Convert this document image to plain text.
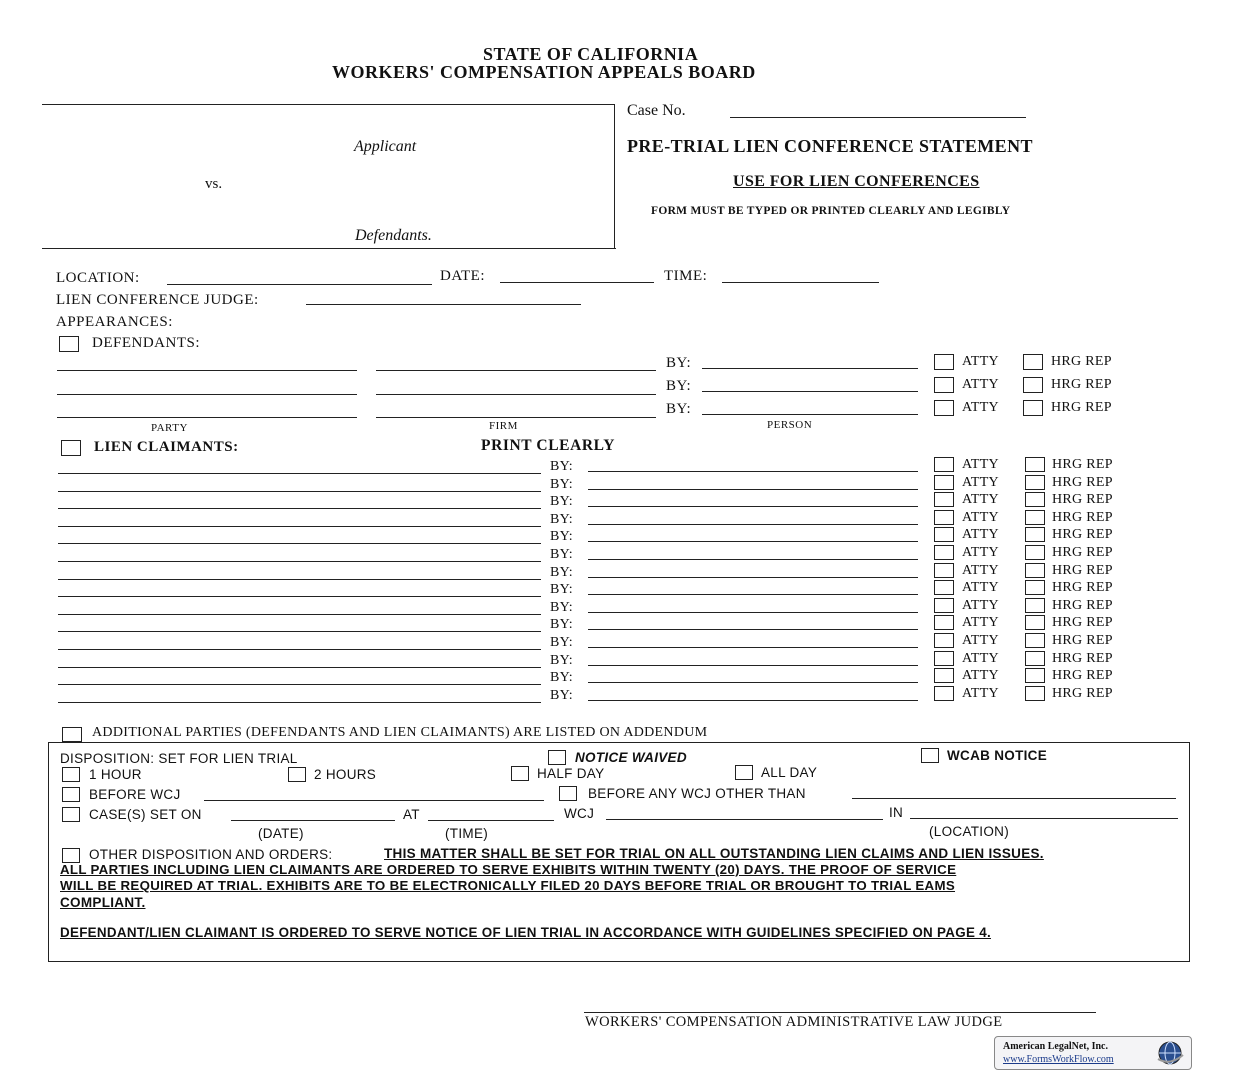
STATE OF CALIFORNIA
WORKERS' COMPENSATION APPEALS BOARD
Applicant
vs.
Defendants.
Case No.
PRE-TRIAL LIEN CONFERENCE STATEMENT
USE FOR LIEN CONFERENCES
FORM MUST BE TYPED OR PRINTED CLEARLY AND LEGIBLY
LOCATION:	DATE:	TIME:
LIEN CONFERENCE JUDGE:
APPEARANCES:
DEFENDANTS:
BY:	ATTY	HRG REP
BY:	ATTY	HRG REP
BY:	ATTY	HRG REP
PARTY	FIRM	PERSON
LIEN CLAIMANTS:	PRINT CLEARLY
BY:	ATTY	HRG REP
BY:	ATTY	HRG REP
BY:	ATTY	HRG REP
BY:	ATTY	HRG REP
BY:	ATTY	HRG REP
BY:	ATTY	HRG REP
BY:	ATTY	HRG REP
BY:	ATTY	HRG REP
BY:	ATTY	HRG REP
BY:	ATTY	HRG REP
BY:	ATTY	HRG REP
BY:	ATTY	HRG REP
BY:	ATTY	HRG REP
BY:	ATTY	HRG REP
ADDITIONAL PARTIES (DEFENDANTS AND LIEN CLAIMANTS) ARE LISTED ON ADDENDUM
DISPOSITION: SET FOR LIEN TRIAL	NOTICE WAIVED	WCAB NOTICE
1 HOUR	2 HOURS	HALF DAY	ALL DAY
BEFORE WCJ	BEFORE ANY WCJ OTHER THAN
CASE(S) SET ON	AT	WCJ	IN
(DATE)	(TIME)	(LOCATION)
OTHER DISPOSITION AND ORDERS:	THIS MATTER SHALL BE SET FOR TRIAL ON ALL OUTSTANDING LIEN CLAIMS AND LIEN ISSUES.
ALL PARTIES INCLUDING LIEN CLAIMANTS ARE ORDERED TO SERVE EXHIBITS WITHIN TWENTY (20) DAYS. THE PROOF OF SERVICE
WILL BE REQUIRED AT TRIAL. EXHIBITS ARE TO BE ELECTRONICALLY FILED 20 DAYS BEFORE TRIAL OR BROUGHT TO TRIAL EAMS
COMPLIANT.
DEFENDANT/LIEN CLAIMANT IS ORDERED TO SERVE NOTICE OF LIEN TRIAL IN ACCORDANCE WITH GUIDELINES SPECIFIED ON PAGE 4.
WORKERS' COMPENSATION ADMINISTRATIVE LAW JUDGE
American LegalNet, Inc.
www.FormsWorkFlow.com
